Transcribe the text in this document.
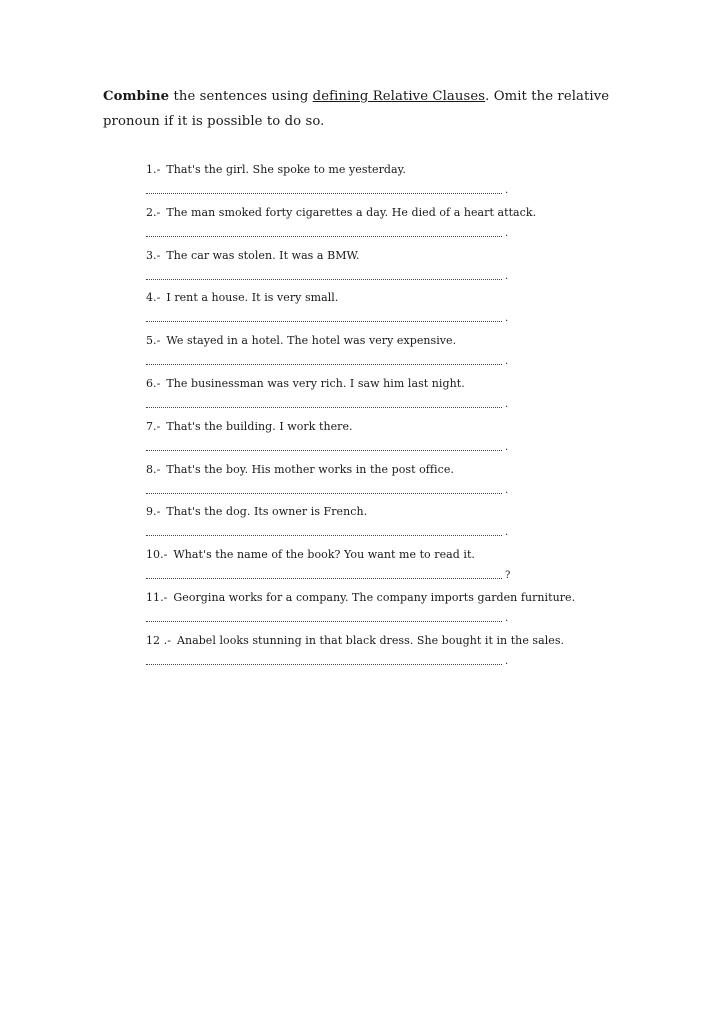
Combine the sentences using defining Relative Clauses. Omit the relative pronoun if it is possible to do so.
1.- That's the girl. She spoke to me yesterday.
.
2.- The man smoked forty cigarettes a day. He died of a heart attack.
.
3.- The car was stolen. It was a BMW.
.
4.- I rent a house. It is very small.
.
5.- We stayed in a hotel. The hotel was very expensive.
.
6.- The businessman was very rich. I saw him last night.
.
7.- That's the building. I work there.
.
8.- That's the boy. His mother works in the post office.
.
9.- That's the dog. Its owner is French.
.
10.- What's the name of the book? You want me to read it.
?
11.- Georgina works for a company. The company imports garden furniture.
.
12 .- Anabel looks stunning in that black dress. She bought it in the sales.
.
